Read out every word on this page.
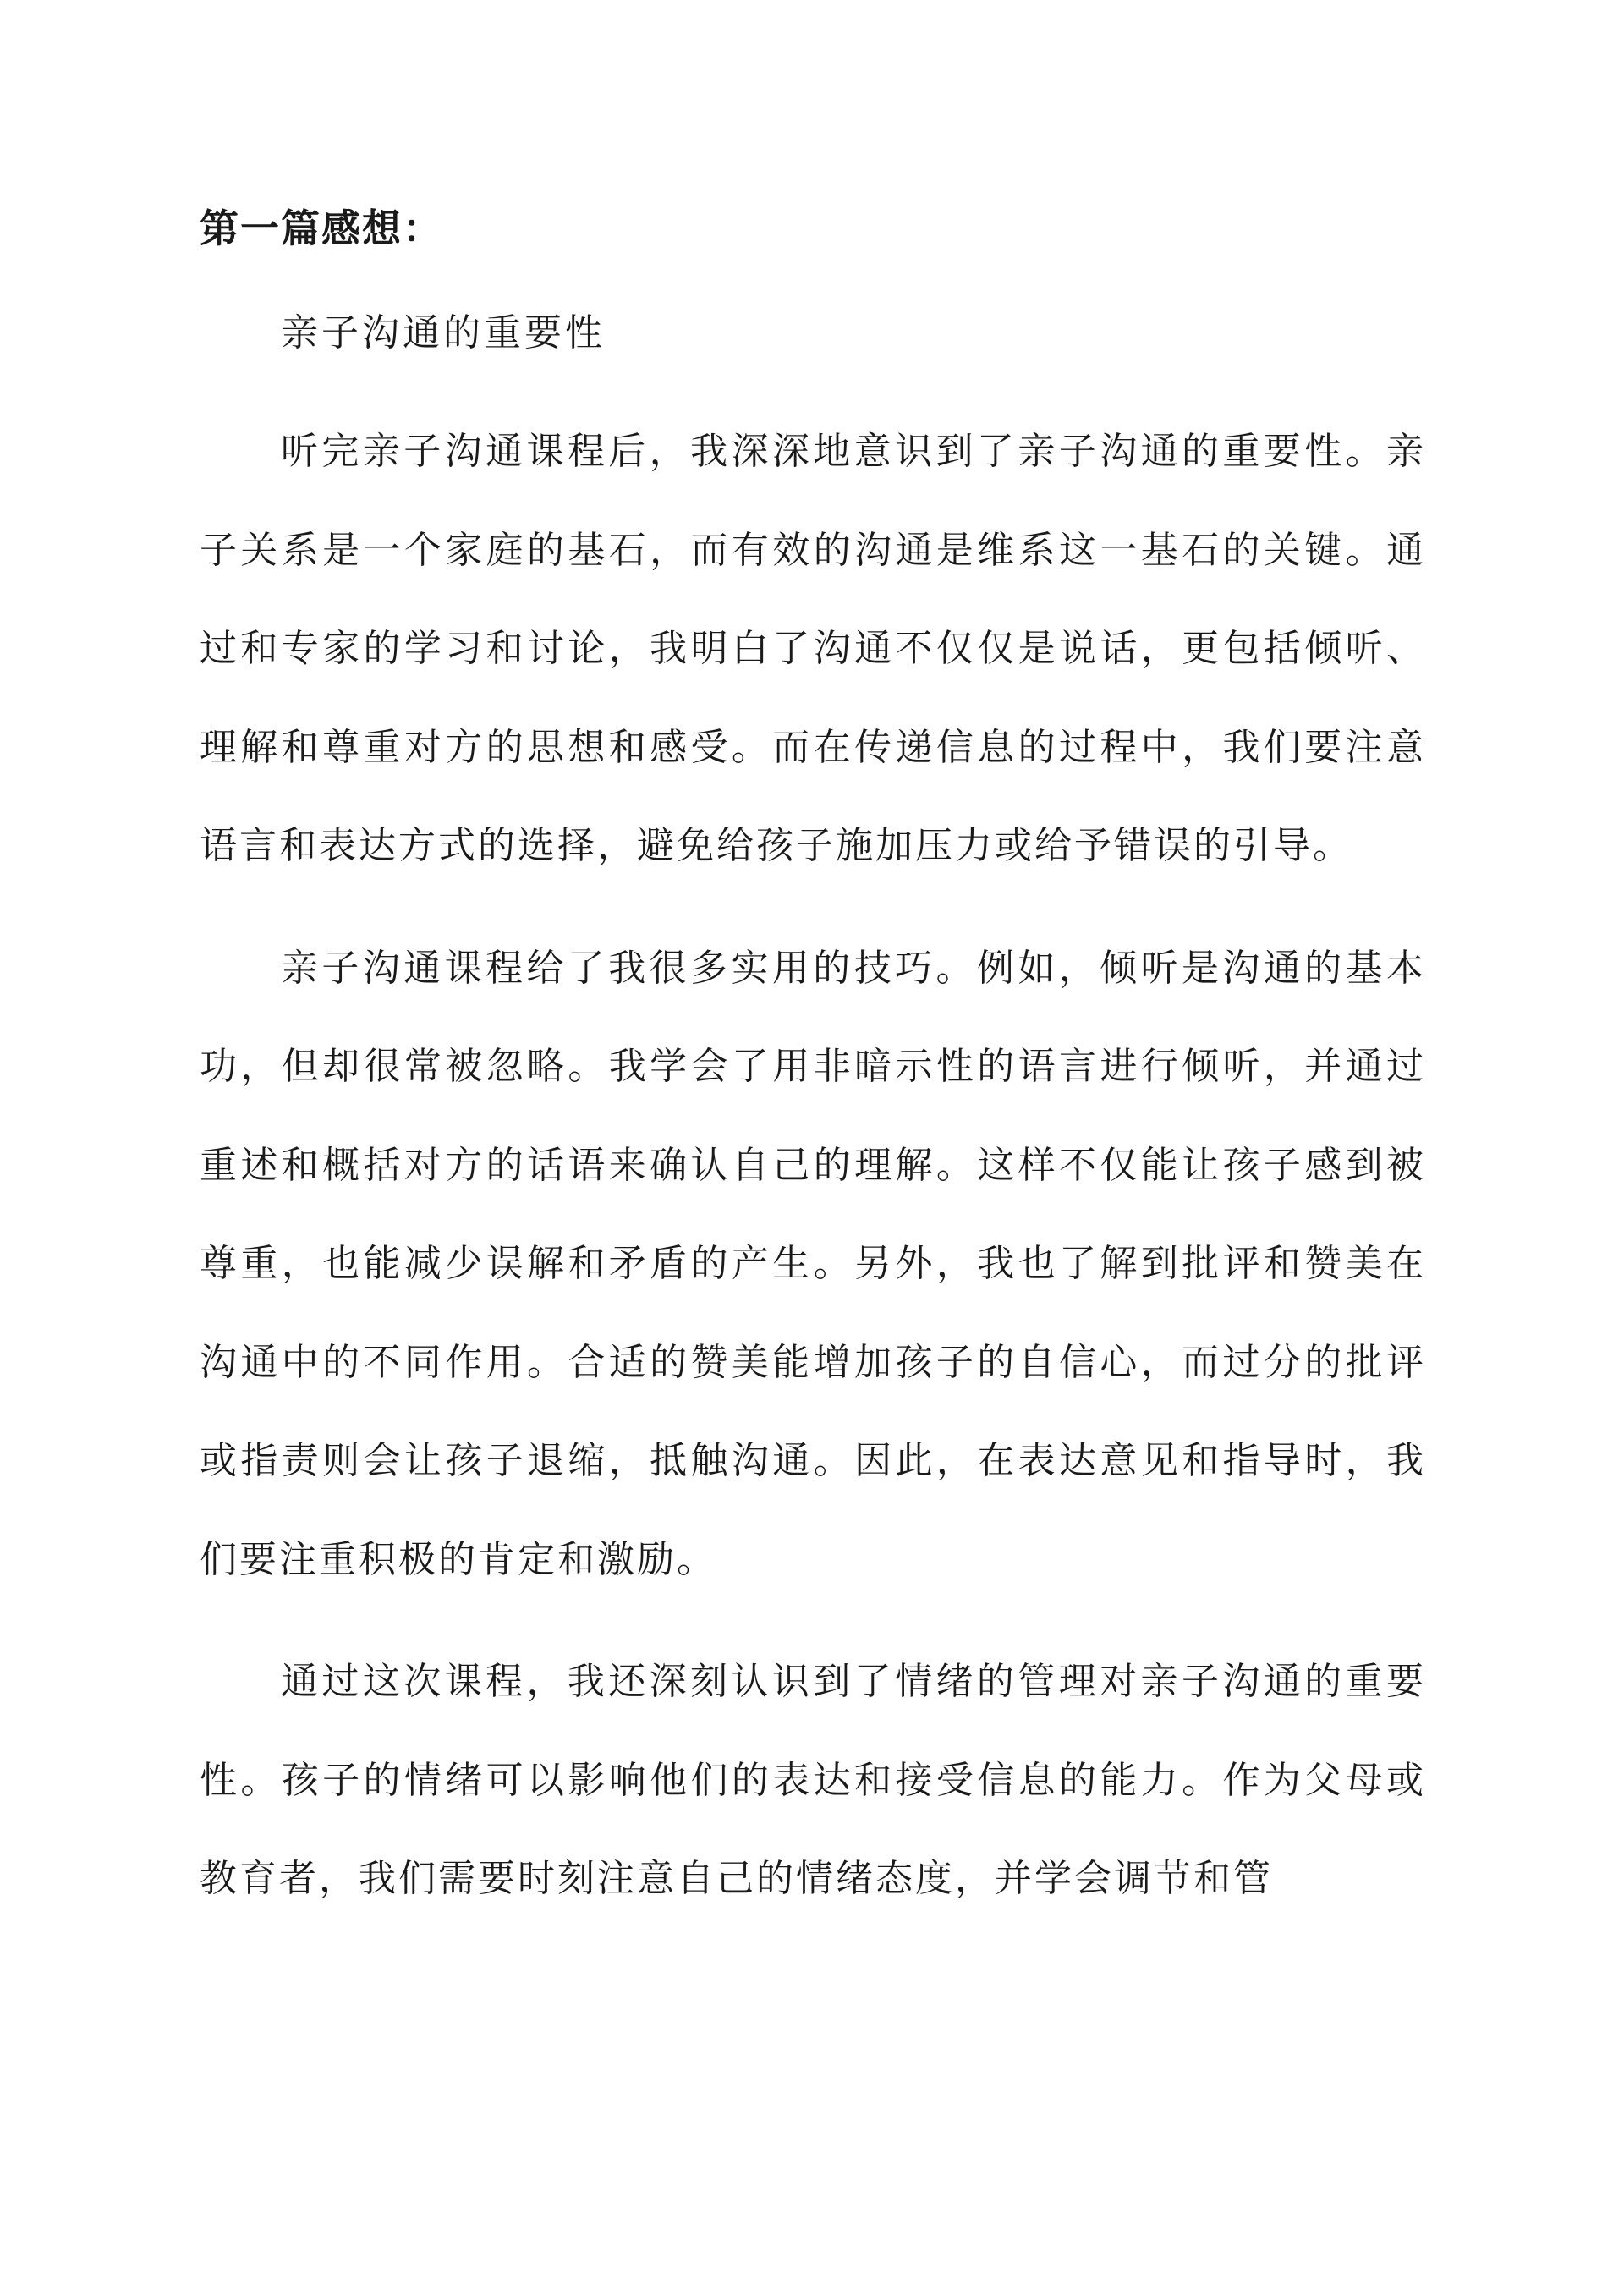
第一篇感想：

亲子沟通的重要性

听完亲子沟通课程后，我深深地意识到了亲子沟通的重要性。亲子关系是一个家庭的基石，而有效的沟通是维系这一基石的关键。通过和专家的学习和讨论，我明白了沟通不仅仅是说话，更包括倾听、理解和尊重对方的思想和感受。而在传递信息的过程中，我们要注意语言和表达方式的选择，避免给孩子施加压力或给予错误的引导。

亲子沟通课程给了我很多实用的技巧。例如，倾听是沟通的基本功，但却很常被忽略。我学会了用非暗示性的语言进行倾听，并通过重述和概括对方的话语来确认自己的理解。这样不仅能让孩子感到被尊重，也能减少误解和矛盾的产生。另外，我也了解到批评和赞美在沟通中的不同作用。合适的赞美能增加孩子的自信心，而过分的批评或指责则会让孩子退缩，抵触沟通。因此，在表达意见和指导时，我们要注重积极的肯定和激励。

通过这次课程，我还深刻认识到了情绪的管理对亲子沟通的重要性。孩子的情绪可以影响他们的表达和接受信息的能力。作为父母或教育者，我们需要时刻注意自己的情绪态度，并学会调节和管
